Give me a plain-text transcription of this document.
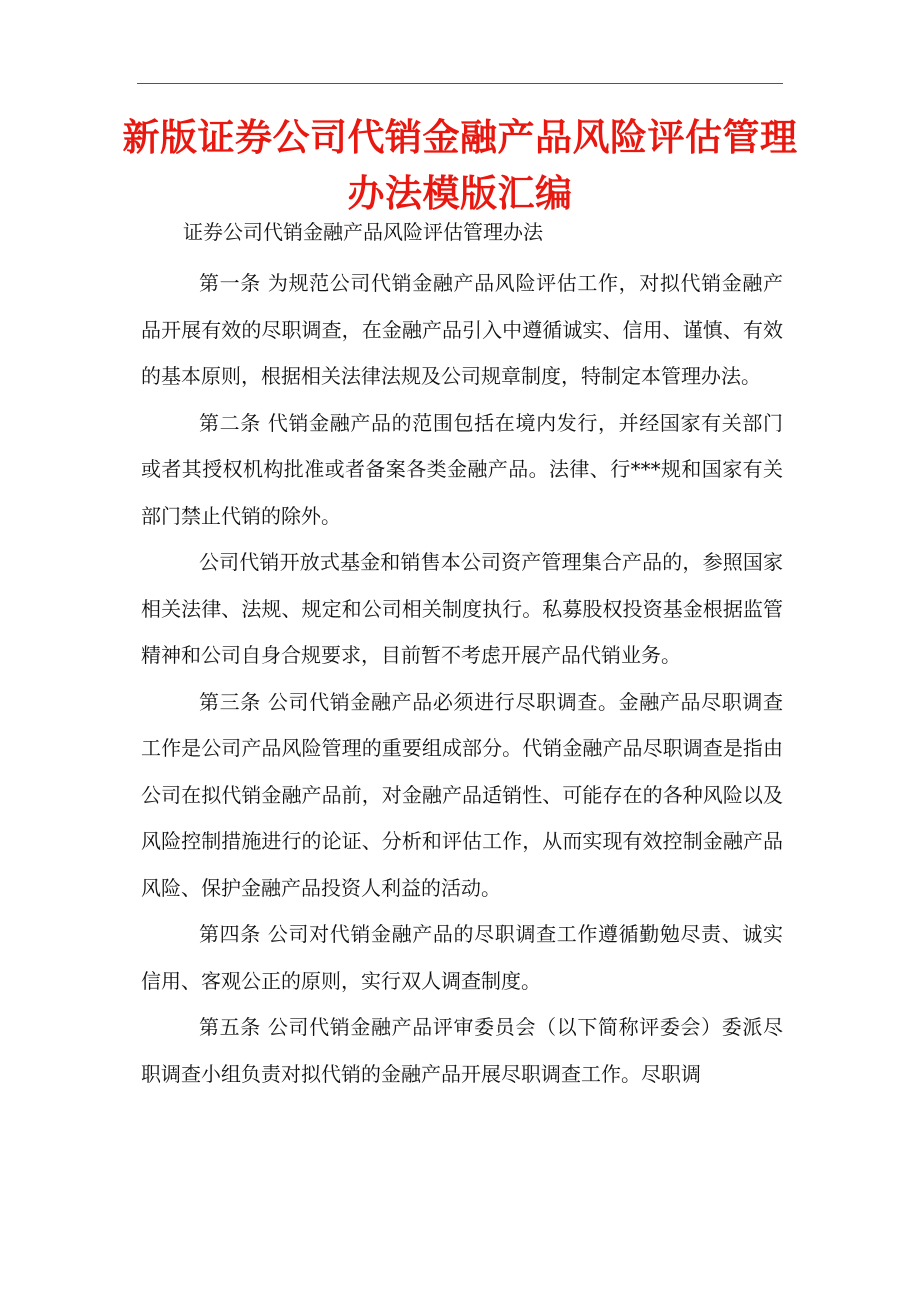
新版证券公司代销金融产品风险评估管理办法模版汇编
证券公司代销金融产品风险评估管理办法

第一条 为规范公司代销金融产品风险评估工作，对拟代销金融产品开展有效的尽职调查，在金融产品引入中遵循诚实、信用、谨慎、有效的基本原则，根据相关法律法规及公司规章制度，特制定本管理办法。

第二条 代销金融产品的范围包括在境内发行，并经国家有关部门或者其授权机构批准或者备案各类金融产品。法律、行***规和国家有关部门禁止代销的除外。

公司代销开放式基金和销售本公司资产管理集合产品的，参照国家相关法律、法规、规定和公司相关制度执行。私募股权投资基金根据监管精神和公司自身合规要求，目前暂不考虑开展产品代销业务。

第三条 公司代销金融产品必须进行尽职调查。金融产品尽职调查工作是公司产品风险管理的重要组成部分。代销金融产品尽职调查是指由公司在拟代销金融产品前，对金融产品适销性、可能存在的各种风险以及风险控制措施进行的论证、分析和评估工作，从而实现有效控制金融产品风险、保护金融产品投资人利益的活动。

第四条 公司对代销金融产品的尽职调查工作遵循勤勉尽责、诚实信用、客观公正的原则，实行双人调查制度。

第五条 公司代销金融产品评审委员会（以下简称评委会）委派尽职调查小组负责对拟代销的金融产品开展尽职调查工作。尽职调
